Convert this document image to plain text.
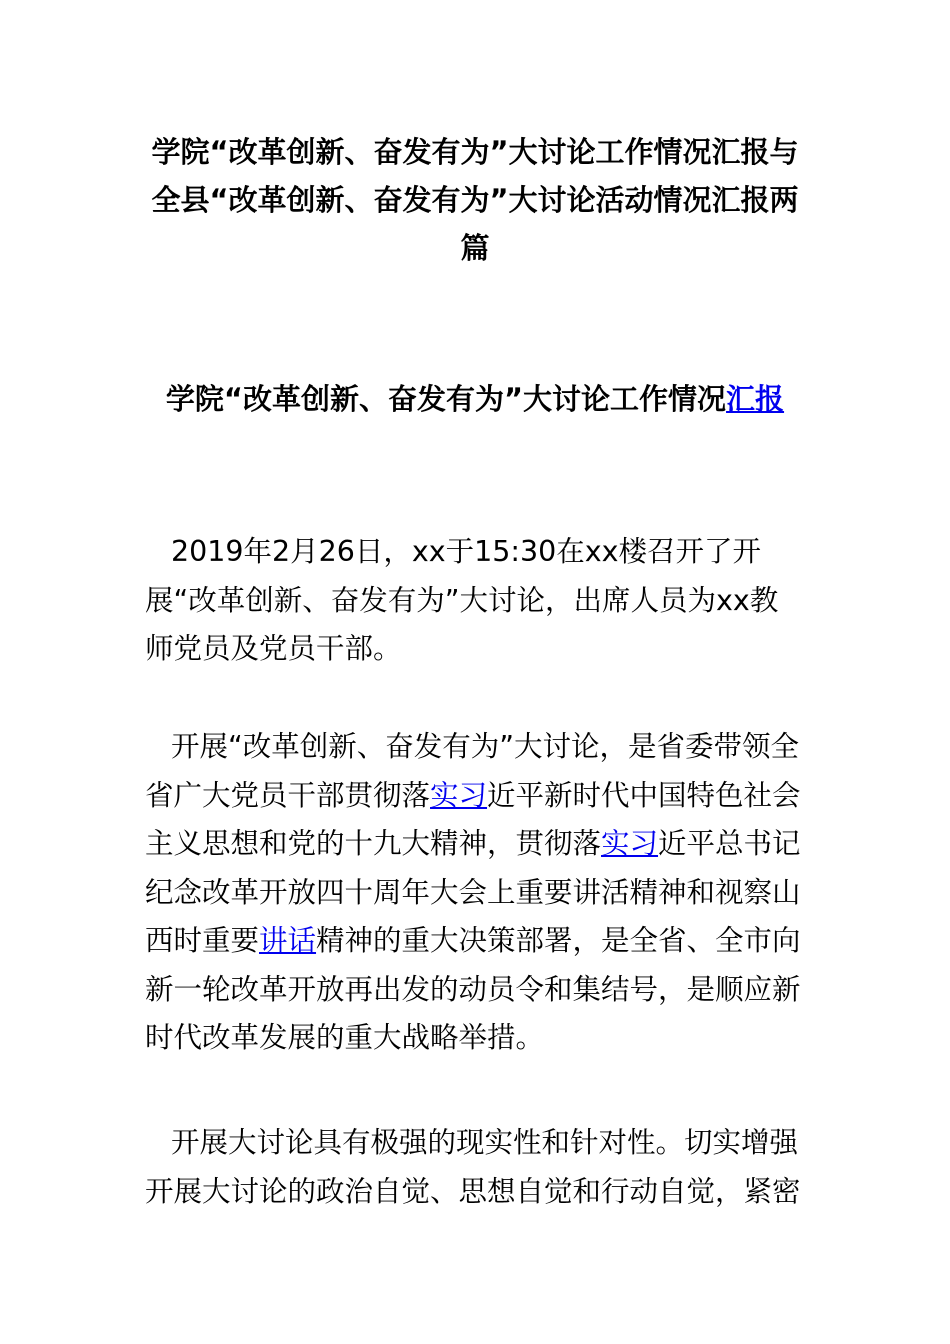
学院“改革创新、奋发有为”大讨论工作情况汇报与
全县“改革创新、奋发有为”大讨论活动情况汇报两
篇
学院“改革创新、奋发有为”大讨论工作情况汇报

2019年2月26日，xx于15:30在xx楼召开了开
展“改革创新、奋发有为”大讨论，出席人员为xx教
师党员及党员干部。

开展“改革创新、奋发有为”大讨论，是省委带领全
省广大党员干部贯彻落实习近平新时代中国特色社会
主义思想和党的十九大精神，贯彻落实习近平总书记
纪念改革开放四十周年大会上重要讲活精神和视察山
西时重要讲话精神的重大决策部署，是全省、全市向
新一轮改革开放再出发的动员令和集结号，是顺应新
时代改革发展的重大战略举措。

开展大讨论具有极强的现实性和针对性。切实增强
开展大讨论的政治自觉、思想自觉和行动自觉，紧密
